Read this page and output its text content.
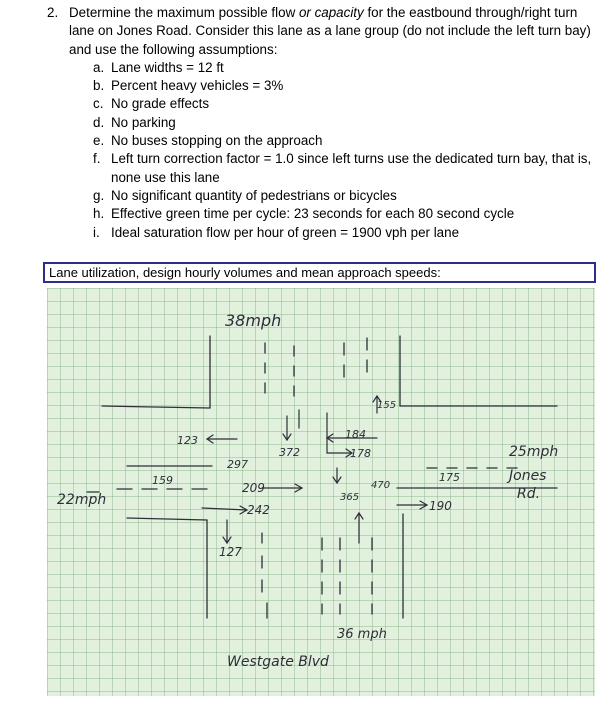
2. Determine the maximum possible flow or capacity for the eastbound through/right turn lane on Jones Road. Consider this lane as a lane group (do not include the left turn bay) and use the following assumptions:
a. Lane widths = 12 ft
b. Percent heavy vehicles = 3%
c. No grade effects
d. No parking
e. No buses stopping on the approach
f. Left turn correction factor = 1.0 since left turns use the dedicated turn bay, that is, none use this lane
g. No significant quantity of pedestrians or bicycles
h. Effective green time per cycle: 23 seconds for each 80 second cycle
i. Ideal saturation flow per hour of green = 1900 vph per lane
Lane utilization, design hourly volumes and mean approach speeds:
38mph
22mph
25mph
Jones
Rd.
36 mph
Westgate Blvd
123
372
297
159
209
242
127
155
184
178
175
470
365
190
